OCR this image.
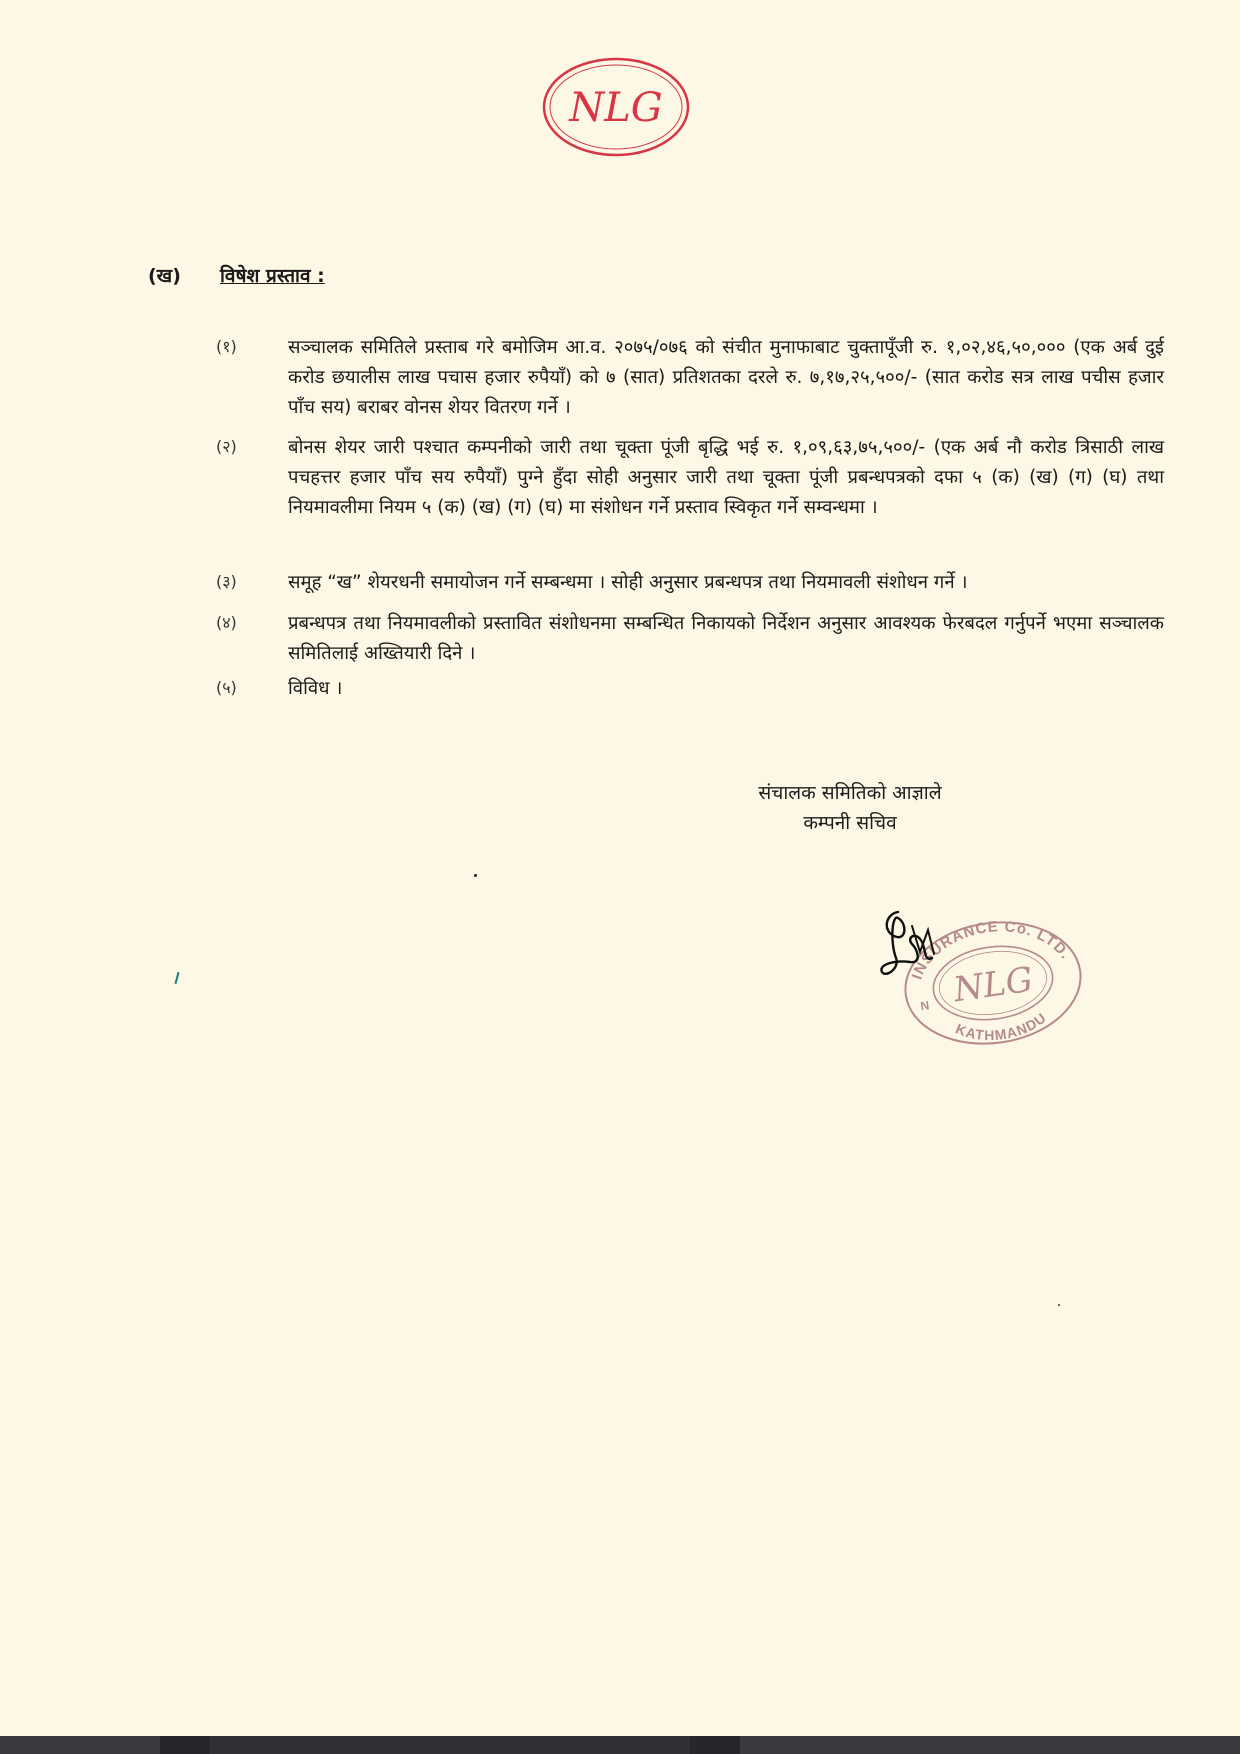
NLG
(ख) विषेश प्रस्ताव :
(१)	सञ्चालक समितिले प्रस्ताब गरे बमोजिम आ.व. २०७५/०७६ को संचीत मुनाफाबाट चुक्तापूँजी रु. १,०२,४६,५०,००० (एक अर्ब दुई करोड छयालीस लाख पचास हजार रुपैयाँ) को ७ (सात) प्रतिशतका दरले रु. ७,१७,२५,५००/- (सात करोड सत्र लाख पचीस हजार पाँच सय) बराबर वोनस शेयर वितरण गर्ने ।
(२)	बोनस शेयर जारी पश्चात कम्पनीको जारी तथा चूक्ता पूंजी बृद्धि भई रु. १,०९,६३,७५,५००/- (एक अर्ब नौ करोड त्रिसाठी लाख पचहत्तर हजार पाँच सय रुपैयाँ) पुग्ने हुँदा सोही अनुसार जारी तथा चूक्ता पूंजी प्रबन्धपत्रको दफा ५ (क) (ख) (ग) (घ) तथा नियमावलीमा नियम ५ (क) (ख) (ग) (घ) मा संशोधन गर्ने प्रस्ताव स्विकृत गर्ने सम्वन्धमा ।
(३)	समूह “ख” शेयरधनी समायोजन गर्ने सम्बन्धमा । सोही अनुसार प्रबन्धपत्र तथा नियमावली संशोधन गर्ने ।
(४)	प्रबन्धपत्र तथा नियमावलीको प्रस्तावित संशोधनमा सम्बन्धित निकायको निर्देशन अनुसार आवश्यक फेरबदल गर्नुपर्ने भएमा सञ्चालक समितिलाई अख्तियारी दिने ।
(५)	विविध ।
संचालक समितिको आज्ञाले
कम्पनी सचिव
INSURANCE Co. LTD.
KATHMANDU
N NLG
